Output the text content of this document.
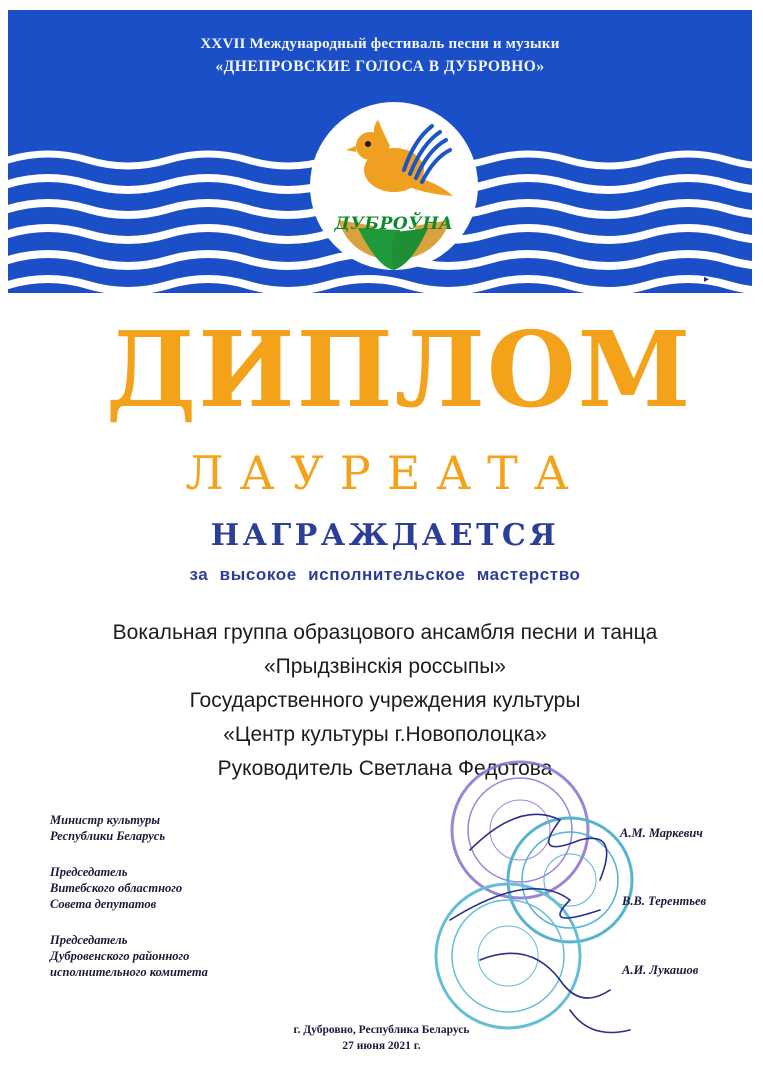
XXVII Международный фестиваль песни и музыки
«ДНЕПРОВСКИЕ ГОЛОСА В ДУБРОВНО»
ДУБРОЎНА
▸
ДИПЛОМ
ЛАУРЕАТА
НАГРАЖДАЕТСЯ
за высокое исполнительское мастерство
Вокальная группа образцового ансамбля песни и танца
«Прыдзвінскія россыпы»
Государственного учреждения культуры
«Центр культуры г.Новополоцка»
Руководитель Светлана Федотова
Министр культуры
Республики Беларусь
Председатель
Витебского областного
Совета депутатов
Председатель
Дубровенского районного
исполнительного комитета
А.М. Маркевич
В.В. Терентьев
А.И. Лукашов
г. Дубровно, Республика Беларусь
27 июня 2021 г.
